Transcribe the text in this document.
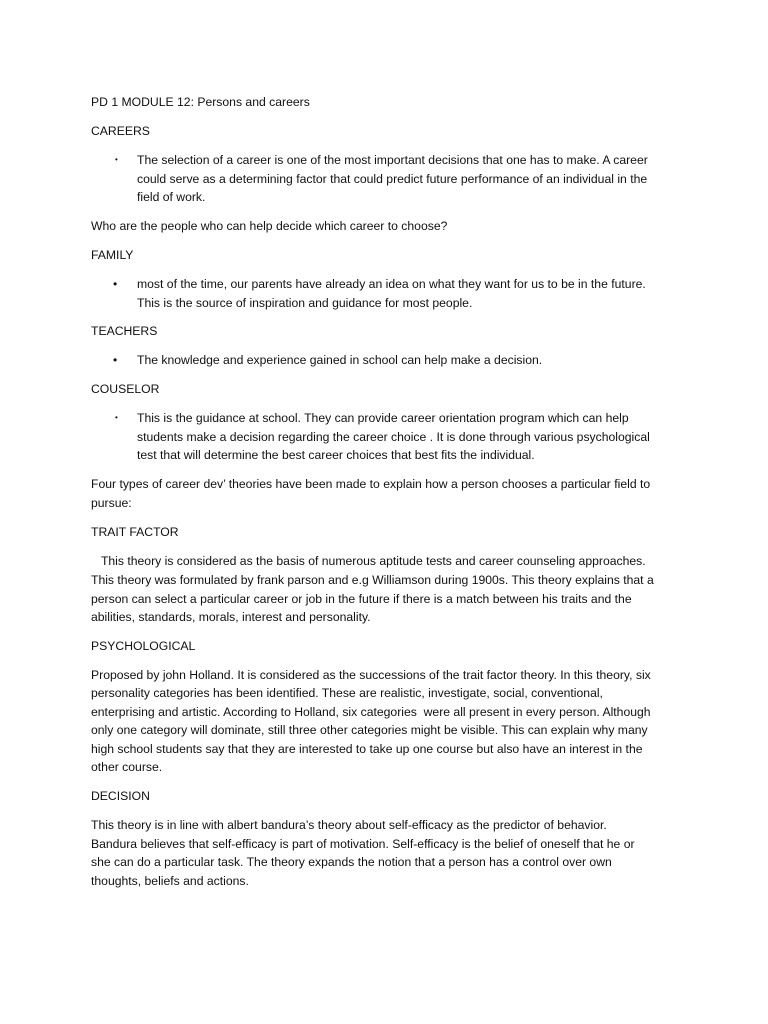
PD 1 MODULE 12: Persons and careers

CAREERS

• The selection of a career is one of the most important decisions that one has to make. A career

could serve as a determining factor that could predict future performance of an individual in the

field of work.

Who are the people who can help decide which career to choose?

FAMILY

• most of the time, our parents have already an idea on what they want for us to be in the future.

This is the source of inspiration and guidance for most people.

TEACHERS

• The knowledge and experience gained in school can help make a decision.

COUSELOR

• This is the guidance at school. They can provide career orientation program which can help

students make a decision regarding the career choice . It is done through various psychological

test that will determine the best career choices that best fits the individual.

Four types of career dev’ theories have been made to explain how a person chooses a particular field to

pursue:

TRAIT FACTOR

This theory is considered as the basis of numerous aptitude tests and career counseling approaches.

This theory was formulated by frank parson and e.g Williamson during 1900s. This theory explains that a

person can select a particular career or job in the future if there is a match between his traits and the

abilities, standards, morals, interest and personality.

PSYCHOLOGICAL

Proposed by john Holland. It is considered as the successions of the trait factor theory. In this theory, six

personality categories has been identified. These are realistic, investigate, social, conventional,

enterprising and artistic. According to Holland, six categories  were all present in every person. Although

only one category will dominate, still three other categories might be visible. This can explain why many

high school students say that they are interested to take up one course but also have an interest in the

other course.

DECISION

This theory is in line with albert bandura’s theory about self-efficacy as the predictor of behavior.

Bandura believes that self-efficacy is part of motivation. Self-efficacy is the belief of oneself that he or

she can do a particular task. The theory expands the notion that a person has a control over own

thoughts, beliefs and actions.
